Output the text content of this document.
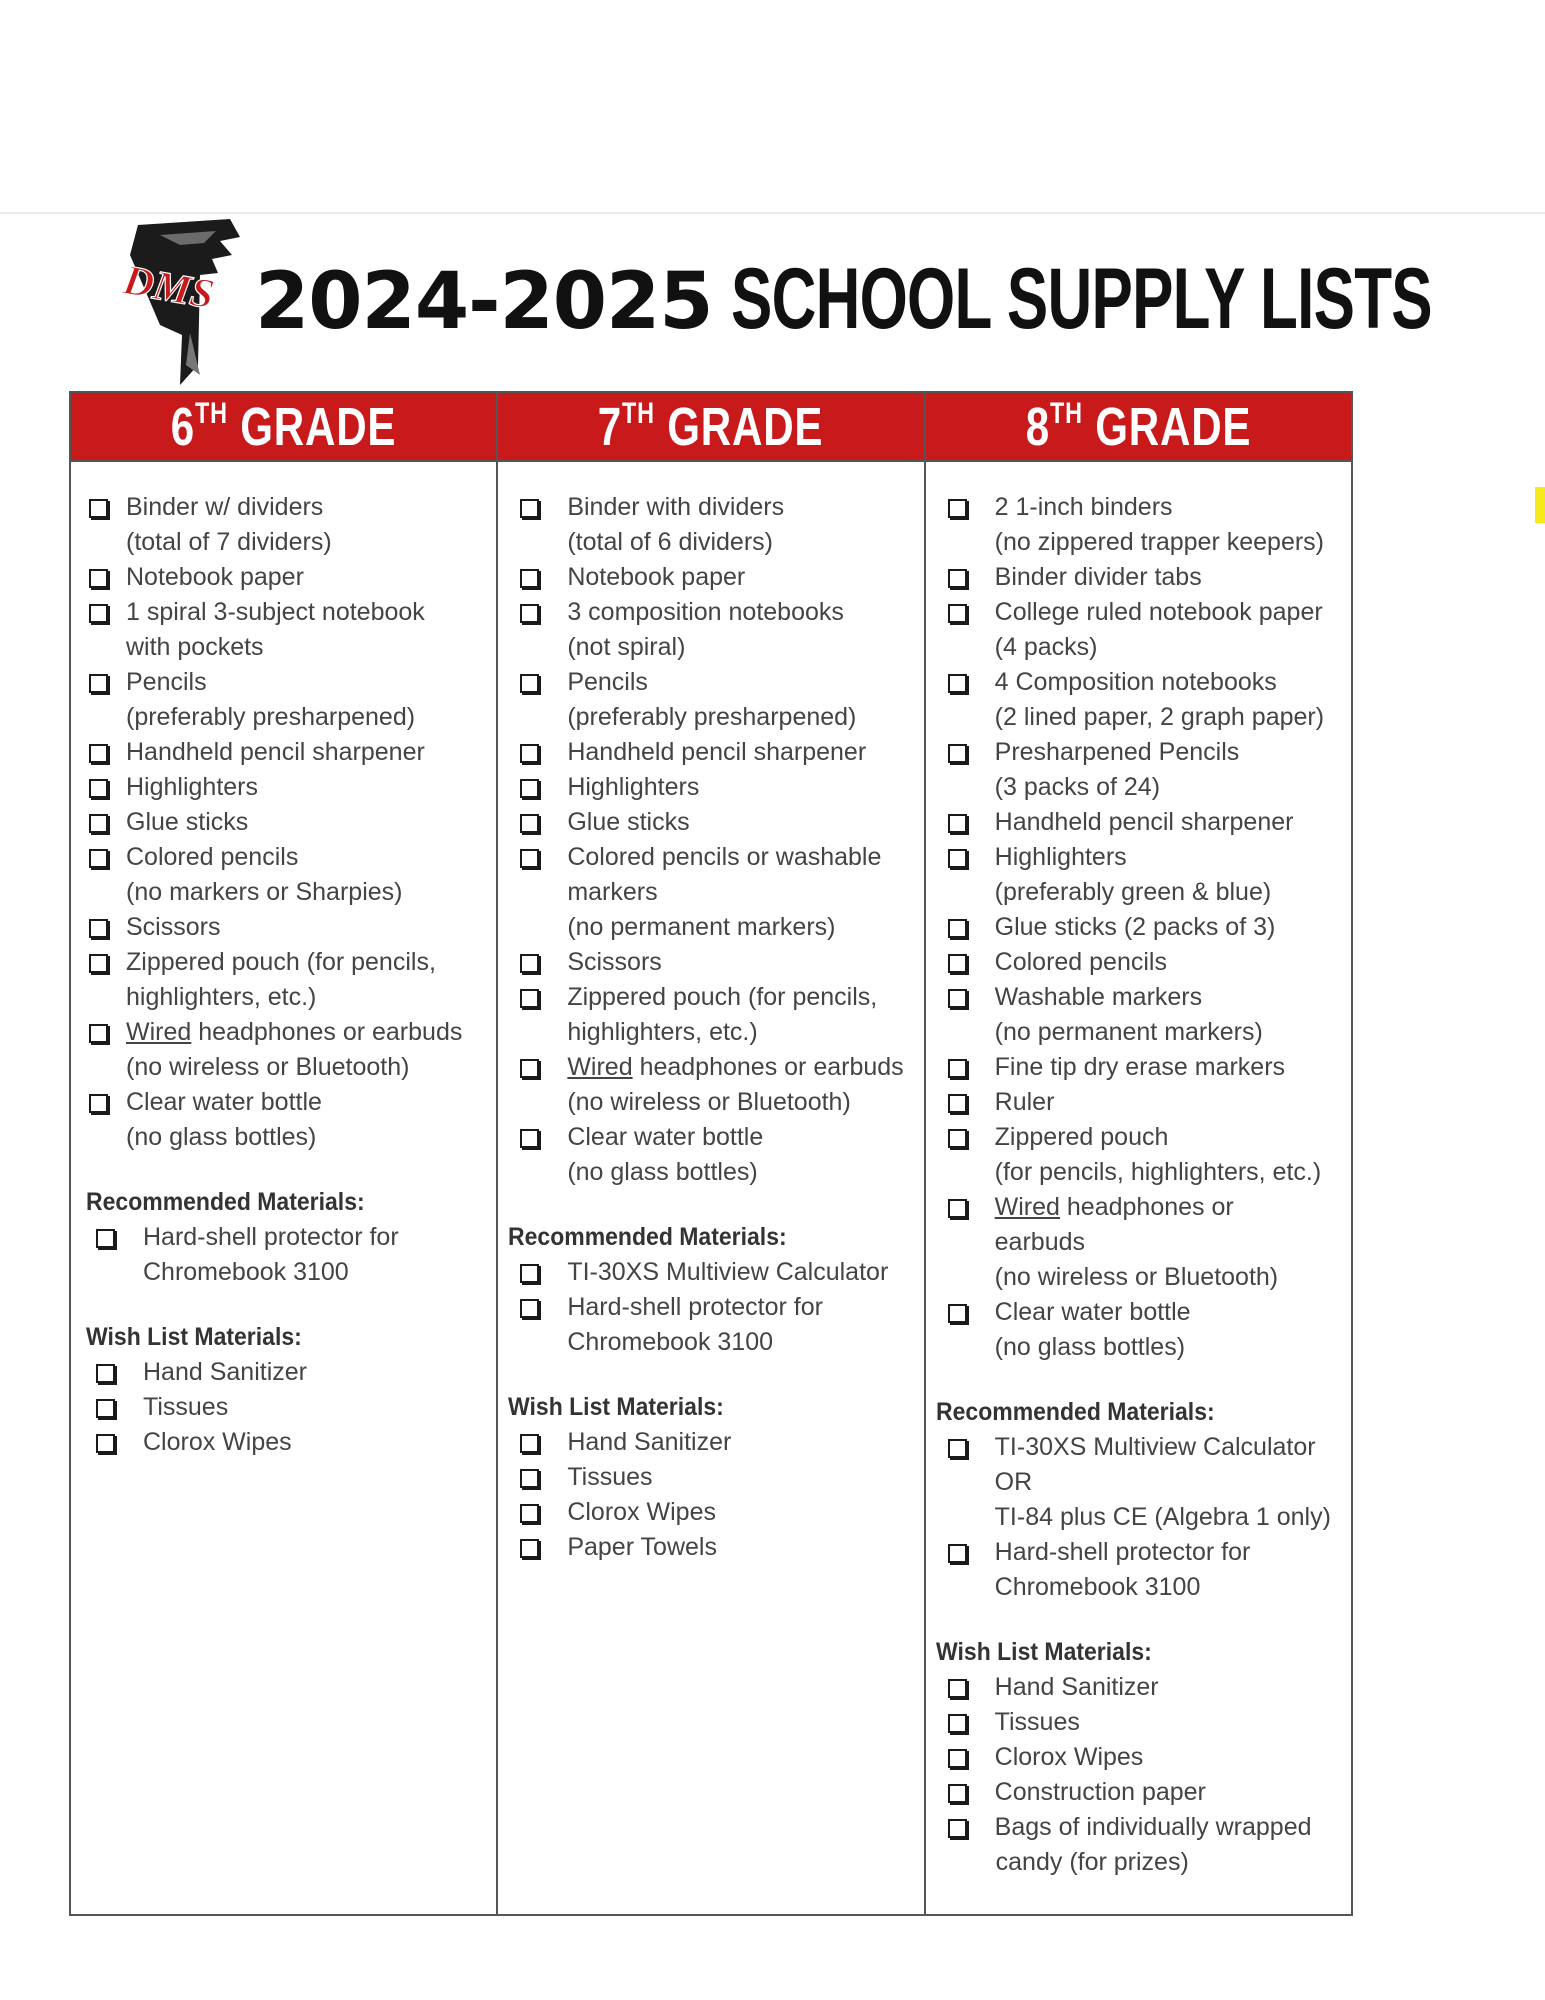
DMS 2024-2025 SCHOOL SUPPLY LISTS
6TH GRADE
Binder w/ dividers
(total of 7 dividers)
Notebook paper
1 spiral 3-subject notebook
with pockets
Pencils
(preferably presharpened)
Handheld pencil sharpener
Highlighters
Glue sticks
Colored pencils
(no markers or Sharpies)
Scissors
Zippered pouch (for pencils,
highlighters, etc.)
Wired headphones or earbuds
(no wireless or Bluetooth)
Clear water bottle
(no glass bottles)
Recommended Materials:
Hard-shell protector for
Chromebook 3100
Wish List Materials:
Hand Sanitizer
Tissues
Clorox Wipes
7TH GRADE
Binder with dividers
(total of 6 dividers)
Notebook paper
3 composition notebooks
(not spiral)
Pencils
(preferably presharpened)
Handheld pencil sharpener
Highlighters
Glue sticks
Colored pencils or washable
markers
(no permanent markers)
Scissors
Zippered pouch (for pencils,
highlighters, etc.)
Wired headphones or earbuds
(no wireless or Bluetooth)
Clear water bottle
(no glass bottles)
Recommended Materials:
TI-30XS Multiview Calculator
Hard-shell protector for
Chromebook 3100
Wish List Materials:
Hand Sanitizer
Tissues
Clorox Wipes
Paper Towels
8TH GRADE
2 1-inch binders
(no zippered trapper keepers)
Binder divider tabs
College ruled notebook paper
(4 packs)
4 Composition notebooks
(2 lined paper, 2 graph paper)
Presharpened Pencils
(3 packs of 24)
Handheld pencil sharpener
Highlighters
(preferably green & blue)
Glue sticks (2 packs of 3)
Colored pencils
Washable markers
(no permanent markers)
Fine tip dry erase markers
Ruler
Zippered pouch
(for pencils, highlighters, etc.)
Wired headphones or
earbuds
(no wireless or Bluetooth)
Clear water bottle
(no glass bottles)
Recommended Materials:
TI-30XS Multiview Calculator
OR
TI-84 plus CE (Algebra 1 only)
Hard-shell protector for
Chromebook 3100
Wish List Materials:
Hand Sanitizer
Tissues
Clorox Wipes
Construction paper
Bags of individually wrapped
candy (for prizes)
